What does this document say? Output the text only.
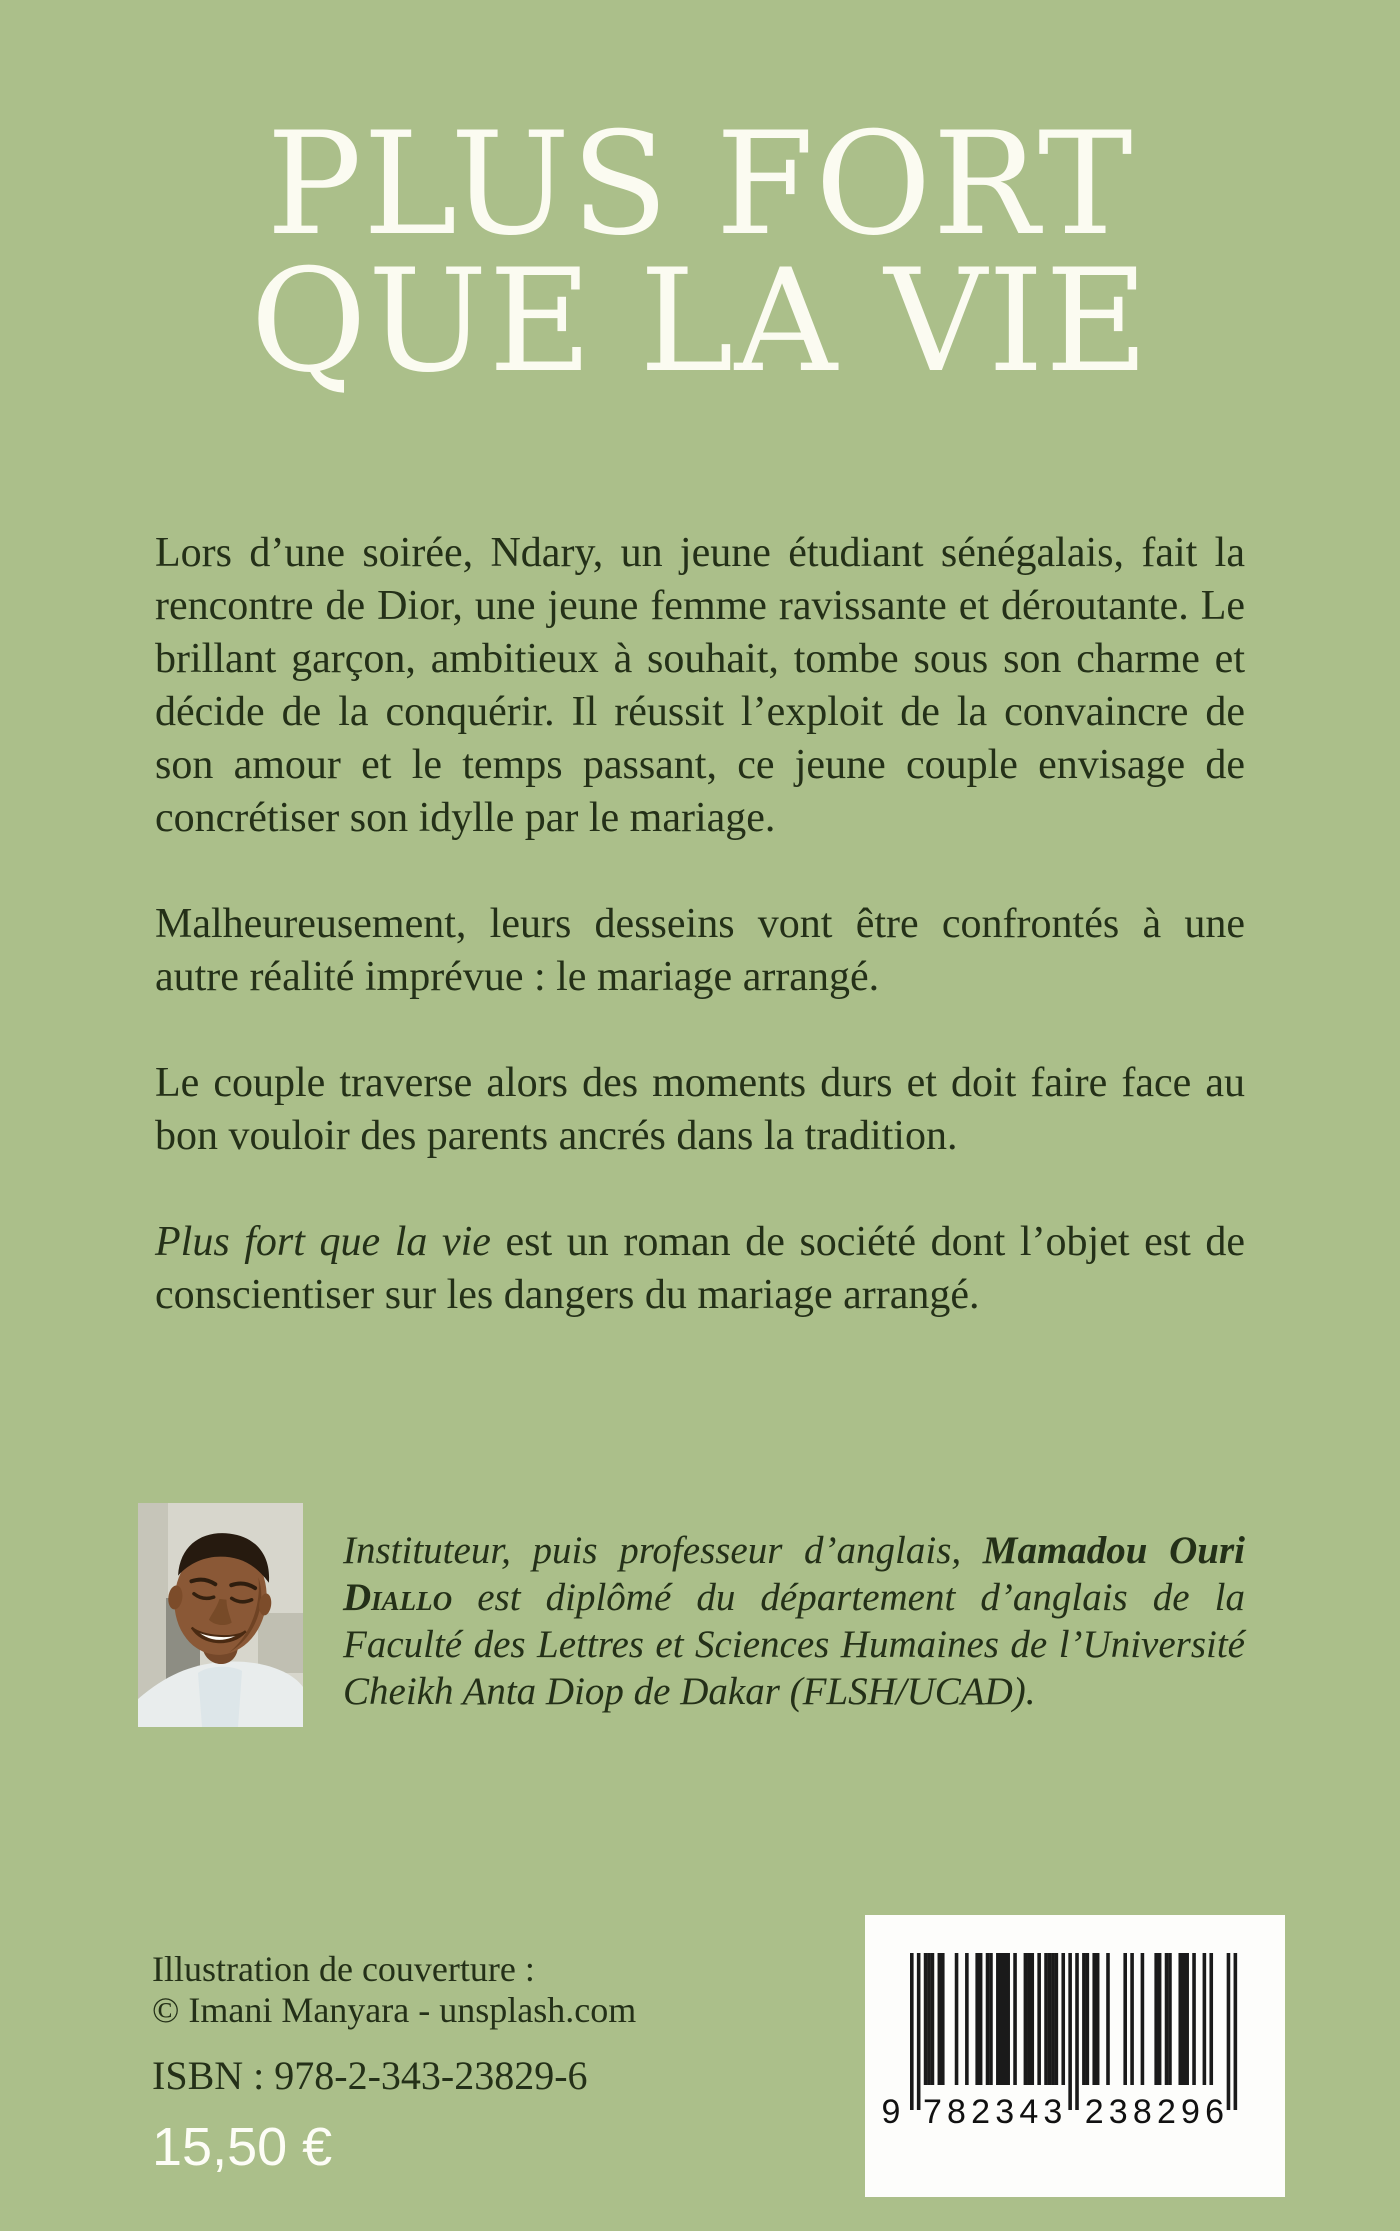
PLUS FORT
QUE LA VIE

Lors d’une soirée, Ndary, un jeune étudiant sénégalais, fait la rencontre de Dior, une jeune femme ravissante et déroutante. Le brillant garçon, ambitieux à souhait, tombe sous son charme et décide de la conquérir. Il réussit l’exploit de la convaincre de son amour et le temps passant, ce jeune couple envisage de concrétiser son idylle par le mariage.

Malheureusement, leurs desseins vont être confrontés à une autre réalité imprévue : le mariage arrangé.

Le couple traverse alors des moments durs et doit faire face au bon vouloir des parents ancrés dans la tradition.

Plus fort que la vie est un roman de société dont l’objet est de conscientiser sur les dangers du mariage arrangé.

Instituteur, puis professeur d’anglais, Mamadou Ouri Diallo est diplômé du département d’anglais de la Faculté des Lettres et Sciences Humaines de l’Université Cheikh Anta Diop de Dakar (FLSH/UCAD).
Illustration de couverture :
© Imani Manyara - unsplash.com
ISBN : 978-2-343-23829-6
15,50 €
9 7 8 2 3 4 3 2 3 8 2 9 6
